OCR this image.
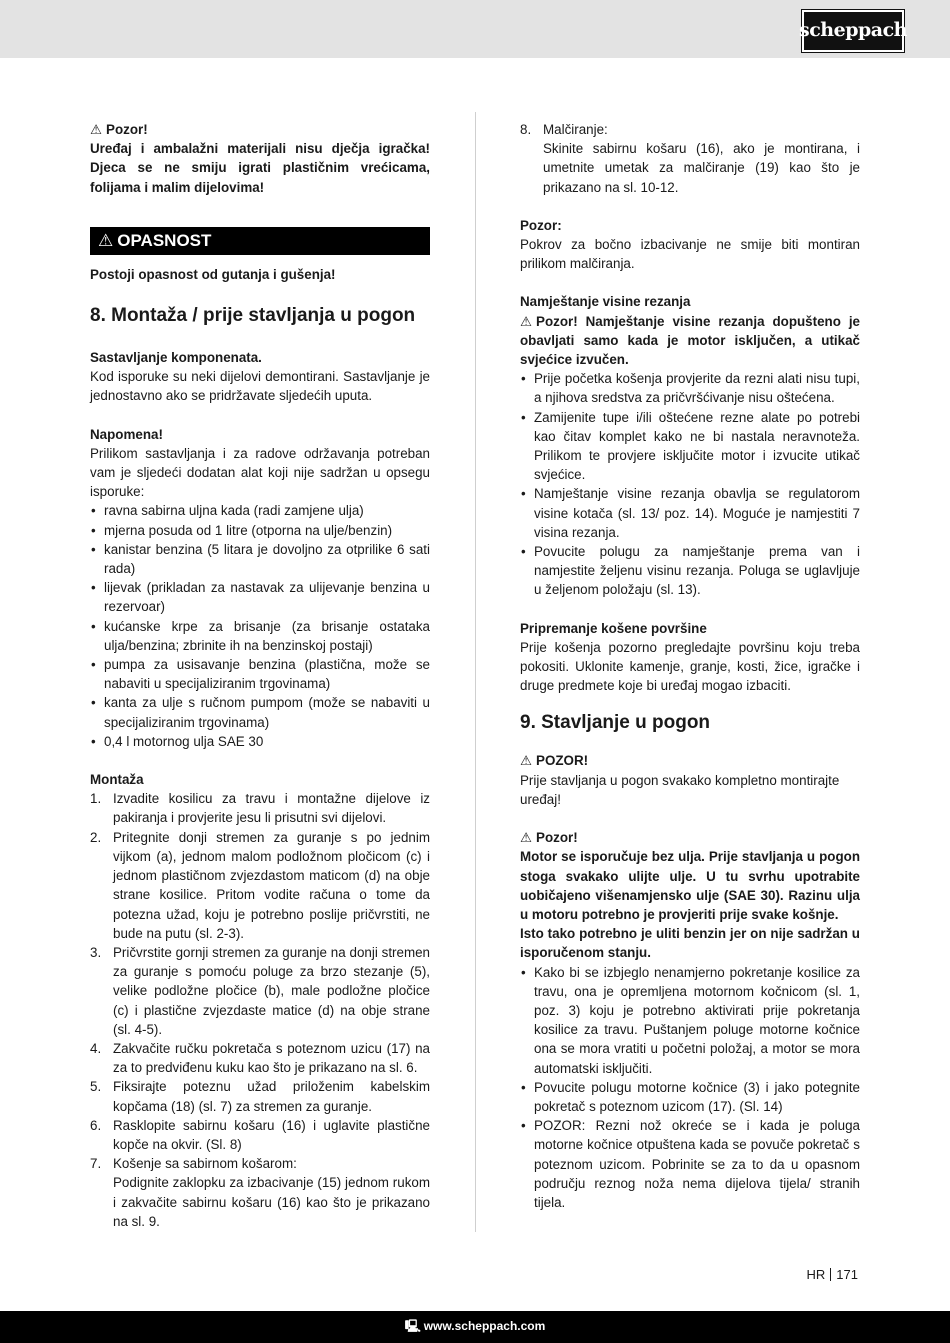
scheppach

⚠ Pozor!

Uređaj i ambalažni materijali nisu dječja igračka! Djeca se ne smiju igrati plastičnim vrećicama, folijama i malim dijelovima!

⚠ OPASNOST

Postoji opasnost od gutanja i gušenja!

8. Montaža / prije stavljanja u pogon

Sastavljanje komponenata.

Kod isporuke su neki dijelovi demontirani. Sastavljanje je jednostavno ako se pridržavate sljedećih uputa.

Napomena!

Prilikom sastavljanja i za radove održavanja potreban vam je sljedeći dodatan alat koji nije sadržan u opsegu isporuke:

• ravna sabirna uljna kada (radi zamjene ulja)
• mjerna posuda od 1 litre (otporna na ulje/benzin)
• kanistar benzina (5 litara je dovoljno za otprilike 6 sati rada)
• lijevak (prikladan za nastavak za ulijevanje benzina u rezervoar)
• kućanske krpe za brisanje (za brisanje ostataka ulja/benzina; zbrinite ih na benzinskoj postaji)
• pumpa za usisavanje benzina (plastična, može se nabaviti u specijaliziranim trgovinama)
• kanta za ulje s ručnom pumpom (može se nabaviti u specijaliziranim trgovinama)
• 0,4 l motornog ulja SAE 30

Montaža

1. Izvadite kosilicu za travu i montažne dijelove iz pakiranja i provjerite jesu li prisutni svi dijelovi.
2. Pritegnite donji stremen za guranje s po jednim vijkom (a), jednom malom podložnom pločicom (c) i jednom plastičnom zvjezdastom maticom (d) na obje strane kosilice. Pritom vodite računa o tome da potezna užad, koju je potrebno poslije pričvrstiti, ne bude na putu (sl. 2-3).
3. Pričvrstite gornji stremen za guranje na donji stremen za guranje s pomoću poluge za brzo stezanje (5), velike podložne pločice (b), male podložne pločice (c) i plastične zvjezdaste matice (d) na obje strane (sl. 4-5).
4. Zakvačite ručku pokretača s poteznom uzicu (17) na za to predviđenu kuku kao što je prikazano na sl. 6.
5. Fiksirajte poteznu užad priloženim kabelskim kopčama (18) (sl. 7) za stremen za guranje.
6. Rasklopite sabirnu košaru (16) i uglavite plastične kopče na okvir. (Sl. 8)
7. Košenje sa sabirnom košarom:
Podignite zaklopku za izbacivanje (15) jednom rukom i zakvačite sabirnu košaru (16) kao što je prikazano na sl. 9.
8. Malčiranje:
Skinite sabirnu košaru (16), ako je montirana, i umetnite umetak za malčiranje (19) kao što je prikazano na sl. 10-12.

Pozor:

Pokrov za bočno izbacivanje ne smije biti montiran prilikom malčiranja.

Namještanje visine rezanja

⚠ Pozor! Namještanje visine rezanja dopušteno je obavljati samo kada je motor isključen, a utikač svjećice izvučen.

• Prije početka košenja provjerite da rezni alati nisu tupi, a njihova sredstva za pričvršćivanje nisu oštećena.
• Zamijenite tupe i/ili oštećene rezne alate po potrebi kao čitav komplet kako ne bi nastala neravnoteža. Prilikom te provjere isključite motor i izvucite utikač svjećice.
• Namještanje visine rezanja obavlja se regulatorom visine kotača (sl. 13/ poz. 14). Moguće je namjestiti 7 visina rezanja.
• Povucite polugu za namještanje prema van i namjestite željenu visinu rezanja. Poluga se uglavljuje u željenom položaju (sl. 13).

Pripremanje košene površine

Prije košenja pozorno pregledajte površinu koju treba pokositi. Uklonite kamenje, granje, kosti, žice, igračke i druge predmete koje bi uređaj mogao izbaciti.

9. Stavljanje u pogon

⚠ POZOR!

Prije stavljanja u pogon svakako kompletno montirajte uređaj!

⚠ Pozor!

Motor se isporučuje bez ulja. Prije stavljanja u pogon stoga svakako ulijte ulje. U tu svrhu upotrabite uobičajeno višenamjensko ulje (SAE 30). Razinu ulja u motoru potrebno je provjeriti prije svake košnje.

Isto tako potrebno je uliti benzin jer on nije sadržan u isporučenom stanju.

• Kako bi se izbjeglo nenamjerno pokretanje kosilice za travu, ona je opremljena motornom kočnicom (sl. 1, poz. 3) koju je potrebno aktivirati prije pokretanja kosilice za travu. Puštanjem poluge motorne kočnice ona se mora vratiti u početni položaj, a motor se mora automatski isključiti.
• Povucite polugu motorne kočnice (3) i jako potegnite pokretač s poteznom uzicom (17). (Sl. 14)
• POZOR: Rezni nož okreće se i kada je poluga motorne kočnice otpuštena kada se povuče pokretač s poteznom uzicom. Pobrinite se za to da u opasnom području reznog noža nema dijelova tijela/ stranih tijela.
HR 171
🖳 www.scheppach.com
